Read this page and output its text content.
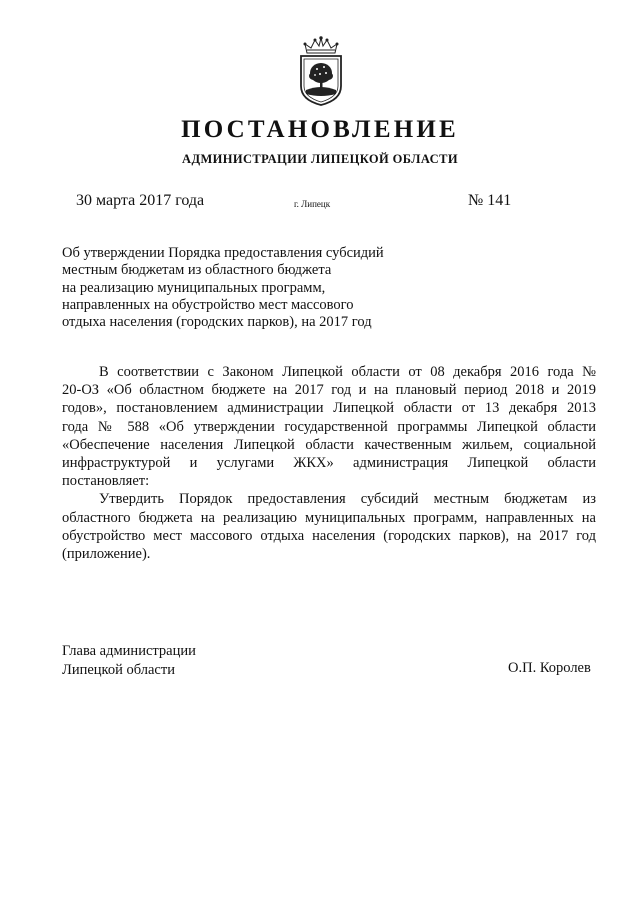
ПОСТАНОВЛЕНИЕ
АДМИНИСТРАЦИИ ЛИПЕЦКОЙ ОБЛАСТИ
30 марта 2017 года	г. Липецк	№ 141
Об утверждении Порядка предоставления субсидий
местным бюджетам из областного бюджета
на реализацию муниципальных программ,
направленных на обустройство мест массового
отдыха населения (городских парков), на 2017 год
В соответствии с Законом Липецкой области от 08 декабря 2016 года №
20-ОЗ «Об областном бюджете на 2017 год и на плановый период 2018 и 2019
годов», постановлением администрации Липецкой области от 13 декабря 2013
года № 588 «Об утверждении государственной программы Липецкой области
«Обеспечение населения Липецкой области качественным жильем, социальной
инфраструктурой и услугами ЖКХ» администрация Липецкой области
постановляет:
Утвердить Порядок предоставления субсидий местным бюджетам из
областного бюджета на реализацию муниципальных программ, направленных на
обустройство мест массового отдыха населения (городских парков), на 2017 год
(приложение).
Глава администрации
Липецкой области	О.П. Королев
